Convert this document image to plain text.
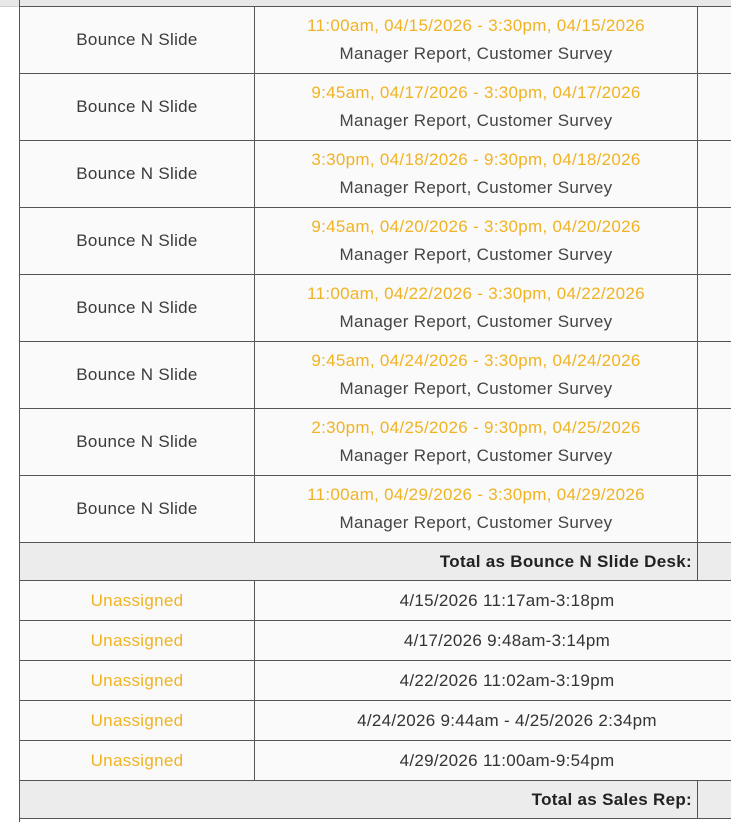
Bounce N Slide	11:00am, 04/15/2026 - 3:30pm, 04/15/2026
Manager Report, Customer Survey	

Bounce N Slide	9:45am, 04/17/2026 - 3:30pm, 04/17/2026
Manager Report, Customer Survey	

Bounce N Slide	3:30pm, 04/18/2026 - 9:30pm, 04/18/2026
Manager Report, Customer Survey	

Bounce N Slide	9:45am, 04/20/2026 - 3:30pm, 04/20/2026
Manager Report, Customer Survey	

Bounce N Slide	11:00am, 04/22/2026 - 3:30pm, 04/22/2026
Manager Report, Customer Survey	

Bounce N Slide	9:45am, 04/24/2026 - 3:30pm, 04/24/2026
Manager Report, Customer Survey	

Bounce N Slide	2:30pm, 04/25/2026 - 9:30pm, 04/25/2026
Manager Report, Customer Survey	

Bounce N Slide	11:00am, 04/29/2026 - 3:30pm, 04/29/2026
Manager Report, Customer Survey	

Total as Bounce N Slide Desk:		
Unassigned	4/15/2026 11:17am-3:18pm	
Unassigned	4/17/2026 9:48am-3:14pm	
Unassigned	4/22/2026 11:02am-3:19pm	
Unassigned	4/24/2026 9:44am - 4/25/2026 2:34pm	
Unassigned	4/29/2026 11:00am-9:54pm	
Total as Sales Rep:		
